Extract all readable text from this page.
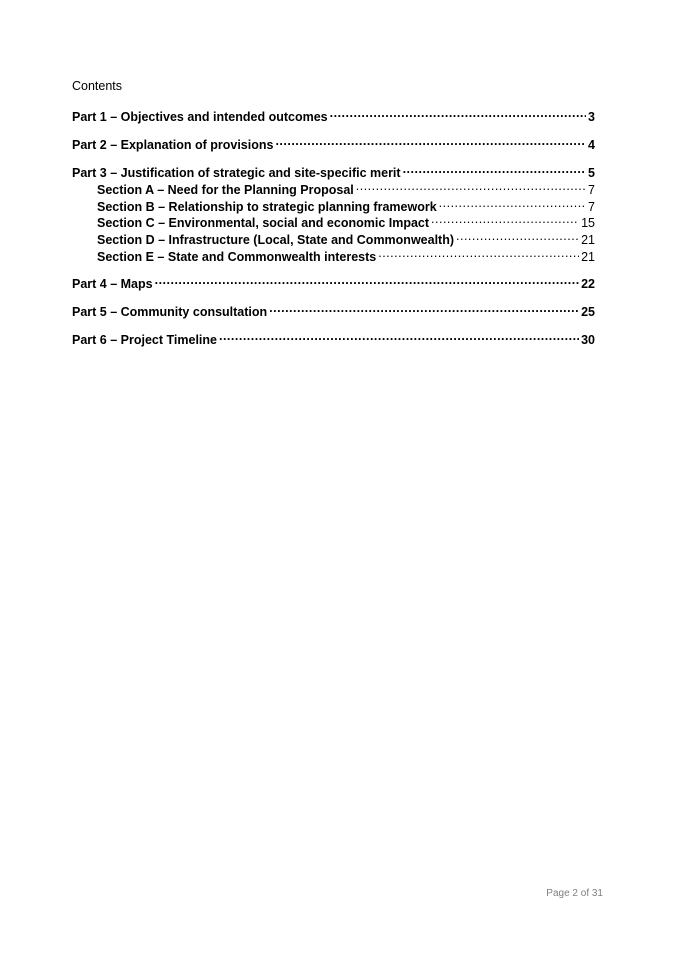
Contents
Part 1 – Objectives and intended outcomes .....	3
Part 2 – Explanation of provisions .....	4
Part 3 – Justification of strategic and site-specific merit .....	5
Section A – Need for the Planning Proposal .....	7
Section B – Relationship to strategic planning framework .....	7
Section C – Environmental, social and economic Impact .....	15
Section D – Infrastructure (Local, State and Commonwealth) .....	21
Section E – State and Commonwealth interests .....	21
Part 4 – Maps .....	22
Part 5 – Community consultation .....	25
Part 6 – Project Timeline .....	30
Page 2 of 31
